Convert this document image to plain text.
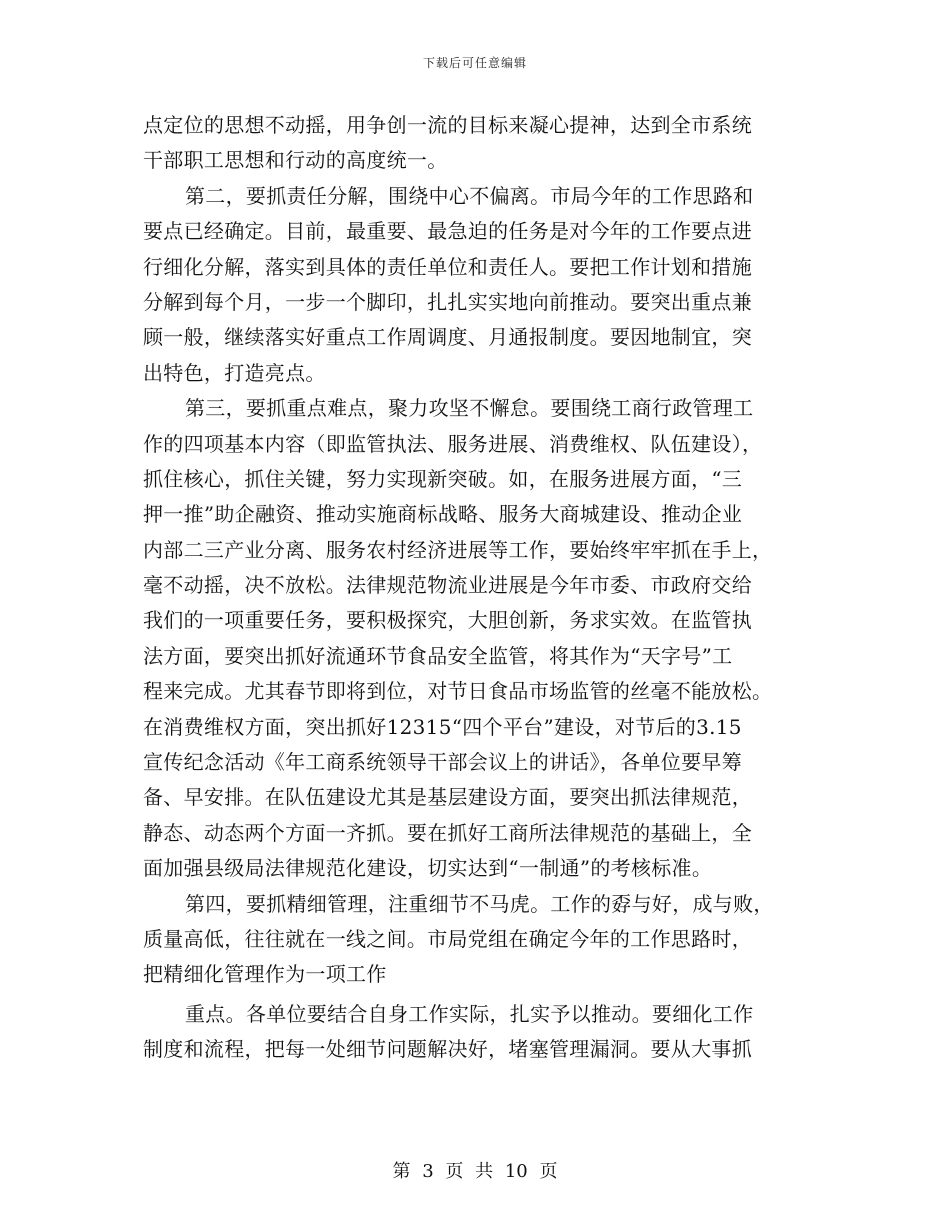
下载后可任意编辑
点定位的思想不动摇，用争创一流的目标来凝心提神，达到全市系统
干部职工思想和行动的高度统一。
第二，要抓责任分解，围绕中心不偏离。市局今年的工作思路和
要点已经确定。目前，最重要、最急迫的任务是对今年的工作要点进
行细化分解，落实到具体的责任单位和责任人。要把工作计划和措施
分解到每个月，一步一个脚印，扎扎实实地向前推动。要突出重点兼
顾一般，继续落实好重点工作周调度、月通报制度。要因地制宜，突
出特色，打造亮点。
第三，要抓重点难点，聚力攻坚不懈怠。要围绕工商行政管理工
作的四项基本内容（即监管执法、服务进展、消费维权、队伍建设），
抓住核心，抓住关键，努力实现新突破。如，在服务进展方面，“三
押一推”助企融资、推动实施商标战略、服务大商城建设、推动企业
内部二三产业分离、服务农村经济进展等工作，要始终牢牢抓在手上，
毫不动摇，决不放松。法律规范物流业进展是今年市委、市政府交给
我们的一项重要任务，要积极探究，大胆创新，务求实效。在监管执
法方面，要突出抓好流通环节食品安全监管，将其作为“天字号”工
程来完成。尤其春节即将到位，对节日食品市场监管的丝毫不能放松。
在消费维权方面，突出抓好12315“四个平台”建设，对节后的3.15
宣传纪念活动《年工商系统领导干部会议上的讲话》，各单位要早筹
备、早安排。在队伍建设尤其是基层建设方面，要突出抓法律规范，
静态、动态两个方面一齐抓。要在抓好工商所法律规范的基础上，全
面加强县级局法律规范化建设，切实达到“一制通”的考核标准。
第四，要抓精细管理，注重细节不马虎。工作的孬与好，成与败，
质量高低，往往就在一线之间。市局党组在确定今年的工作思路时，
把精细化管理作为一项工作
重点。各单位要结合自身工作实际，扎实予以推动。要细化工作
制度和流程，把每一处细节问题解决好，堵塞管理漏洞。要从大事抓
第 3 页 共 10 页
